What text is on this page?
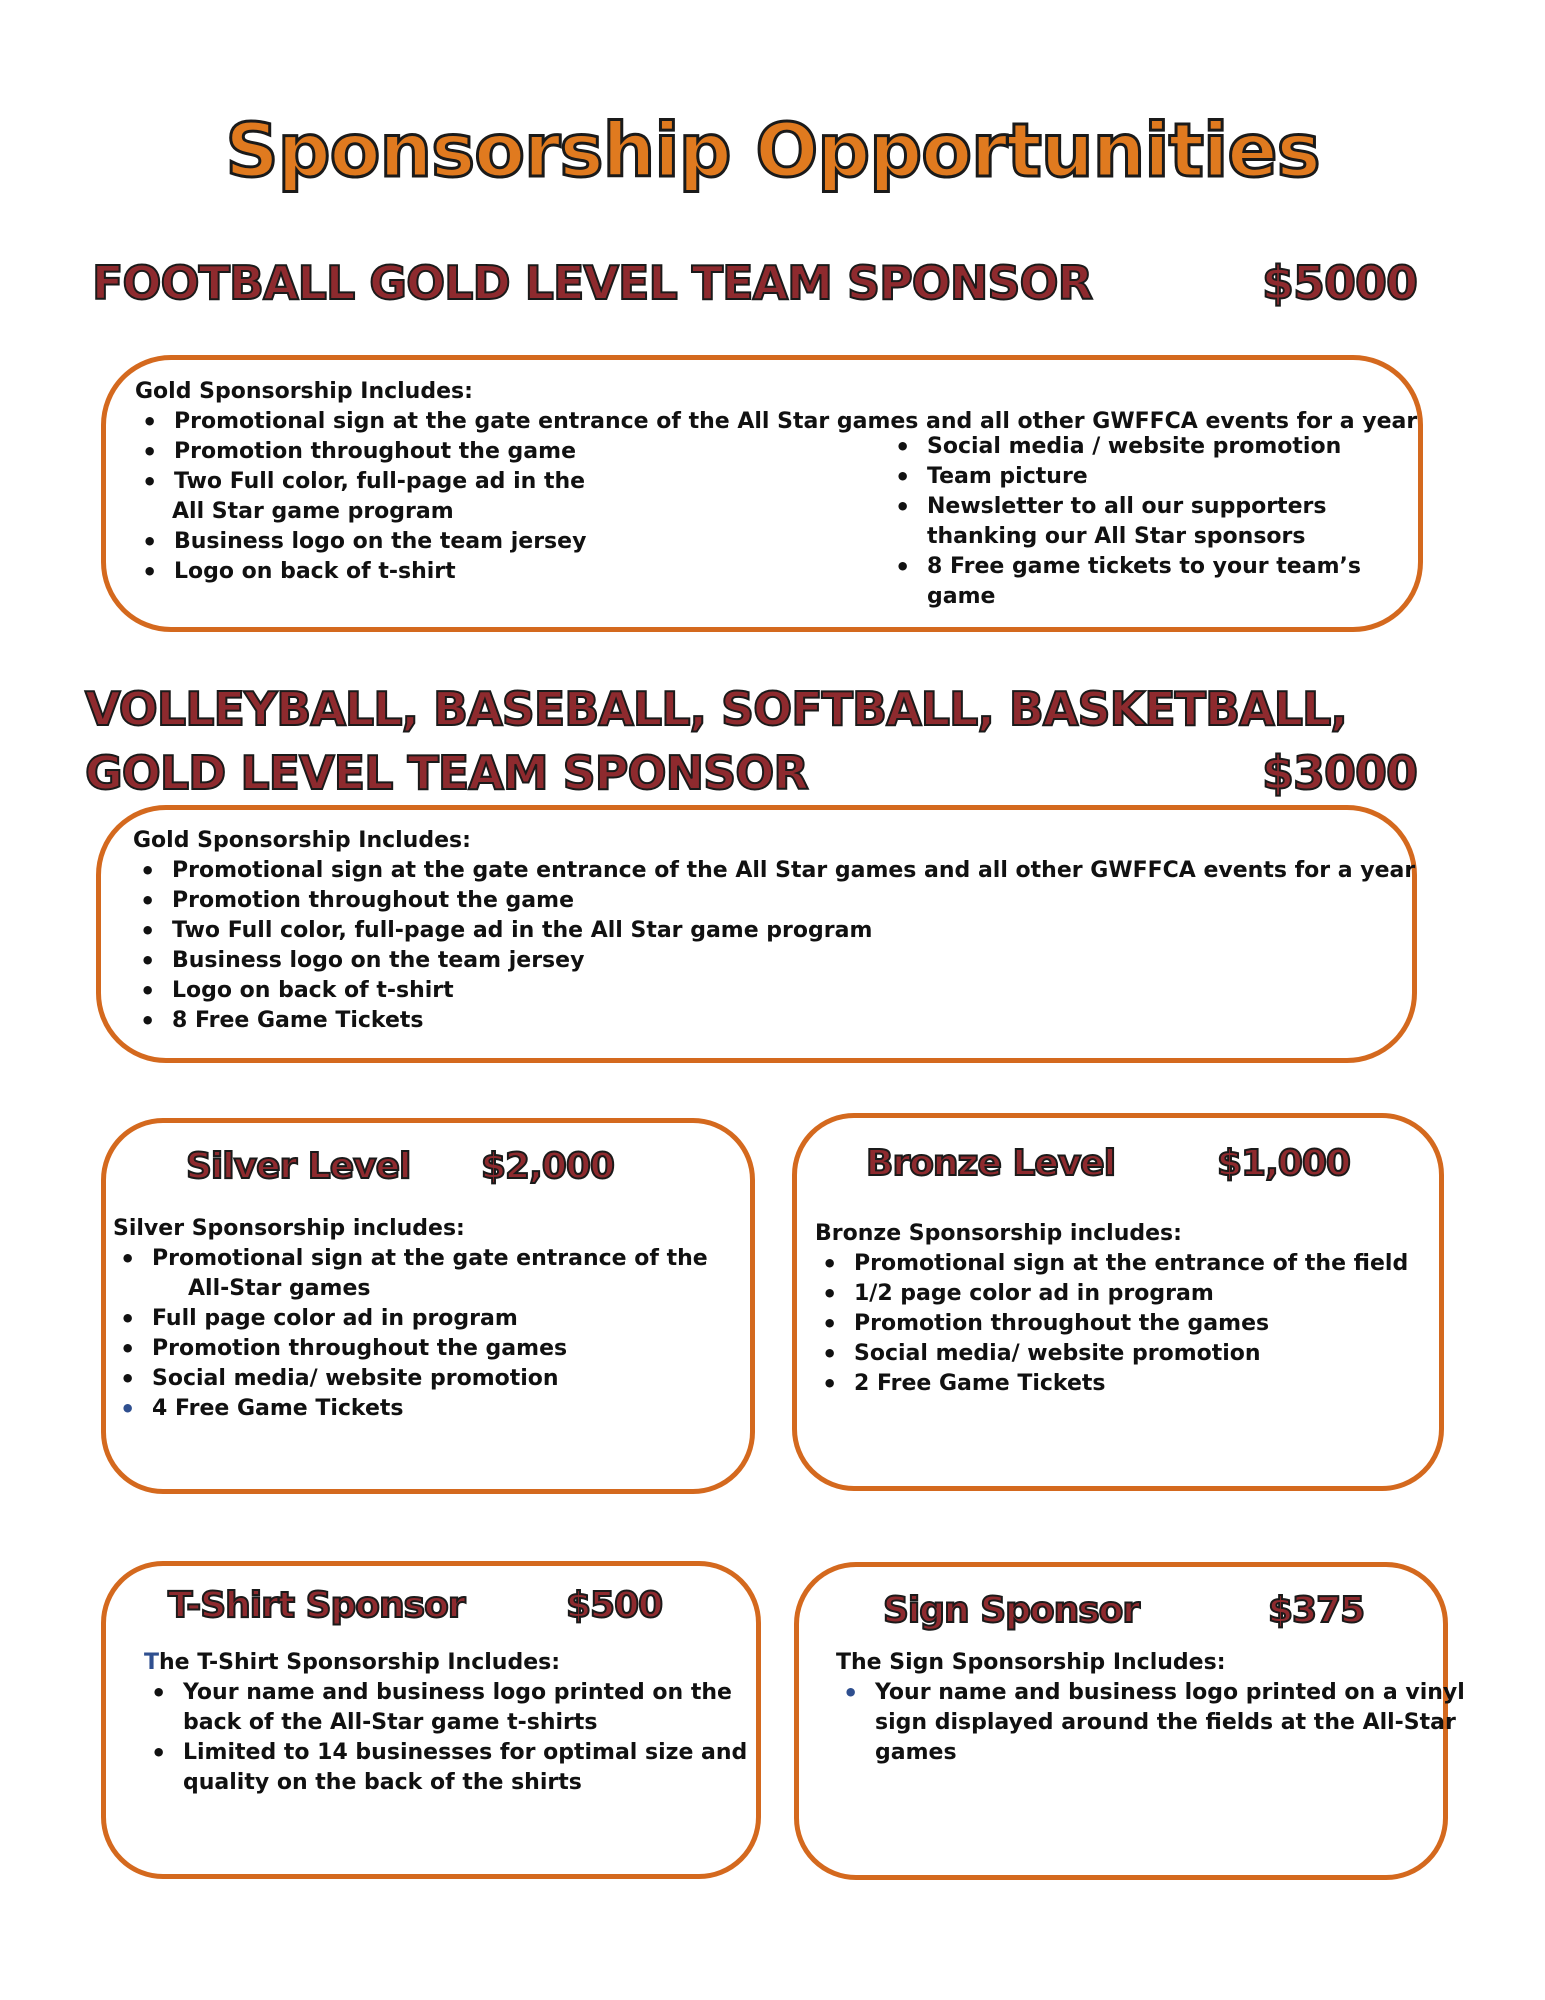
Sponsorship Opportunities
FOOTBALL GOLD LEVEL TEAM SPONSOR	$5000
Gold Sponsorship Includes:
• Promotional sign at the gate entrance of the All Star games and all other GWFFCA events for a year
• Promotion throughout the game
• Two Full color, full-page ad in the
All Star game program
• Business logo on the team jersey
• Logo on back of t-shirt
• Social media / website promotion
• Team picture
• Newsletter to all our supporters
thanking our All Star sponsors
• 8 Free game tickets to your team’s
game
VOLLEYBALL, BASEBALL, SOFTBALL, BASKETBALL,
GOLD LEVEL TEAM SPONSOR	$3000
Gold Sponsorship Includes:
• Promotional sign at the gate entrance of the All Star games and all other GWFFCA events for a year
• Promotion throughout the game
• Two Full color, full-page ad in the All Star game program
• Business logo on the team jersey
• Logo on back of t-shirt
• 8 Free Game Tickets
Silver Level $2,000
Silver Sponsorship includes:
• Promotional sign at the gate entrance of the
All-Star games
• Full page color ad in program
• Promotion throughout the games
• Social media/ website promotion
• 4 Free Game Tickets
Bronze Level	$1,000
Bronze Sponsorship includes:
• Promotional sign at the entrance of the field
• 1/2 page color ad in program
• Promotion throughout the games
• Social media/ website promotion
• 2 Free Game Tickets
T-Shirt Sponsor	$500
The T-Shirt Sponsorship Includes:
• Your name and business logo printed on the
back of the All-Star game t-shirts
• Limited to 14 businesses for optimal size and
quality on the back of the shirts
Sign Sponsor	$375
The Sign Sponsorship Includes:
• Your name and business logo printed on a vinyl
sign displayed around the fields at the All-Star
games
